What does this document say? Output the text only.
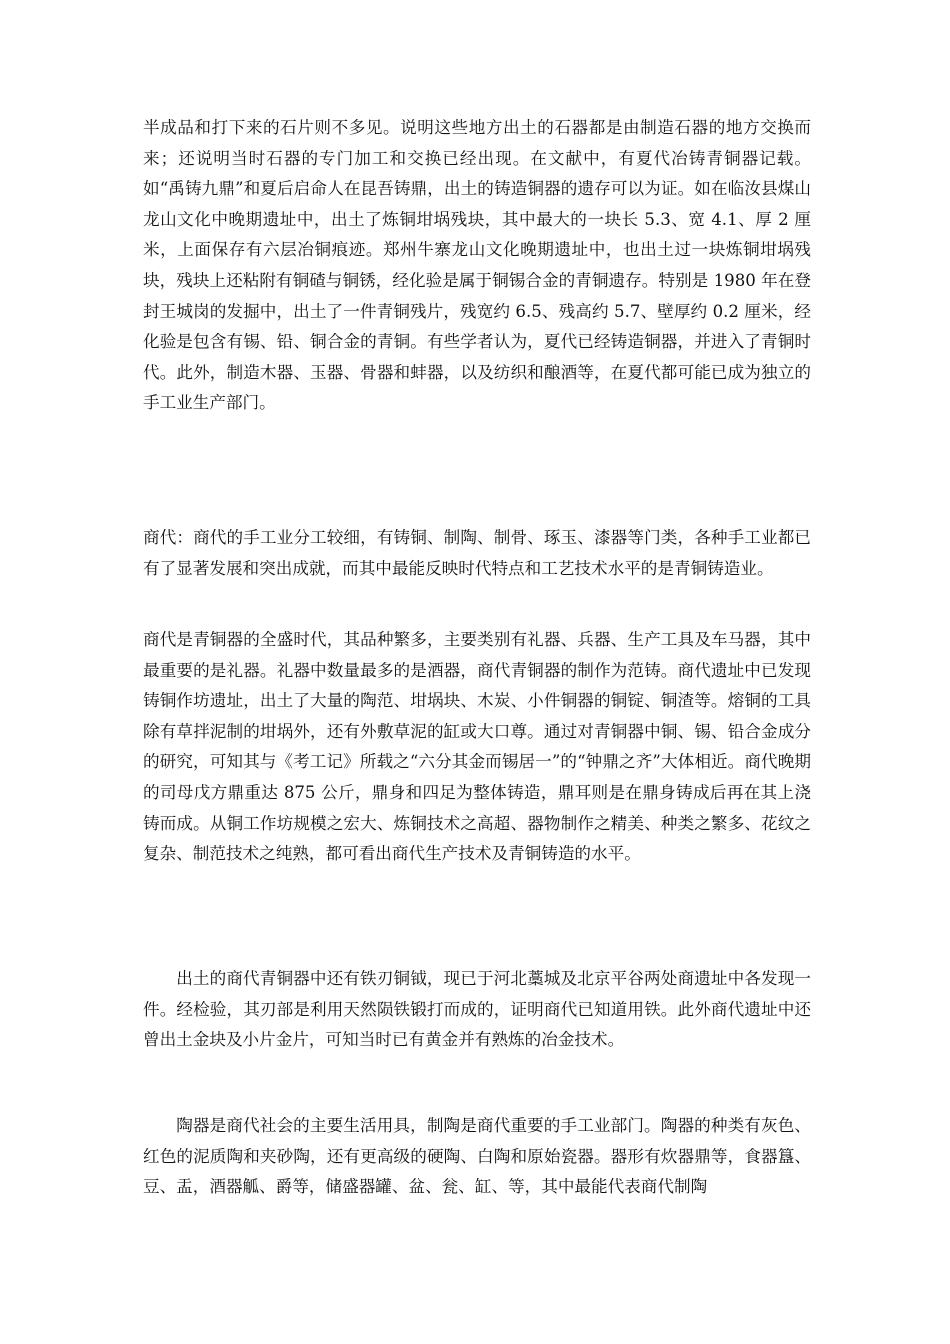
半成品和打下来的石片则不多见。说明这些地方出土的石器都是由制造石器的地方交换而来；还说明当时石器的专门加工和交换已经出现。在文献中，有夏代冶铸青铜器记载。如“禹铸九鼎”和夏后启命人在昆吾铸鼎，出土的铸造铜器的遗存可以为证。如在临汝县煤山龙山文化中晚期遗址中，出土了炼铜坩埚残块，其中最大的一块长 5.3、宽 4.1、厚 2 厘米，上面保存有六层冶铜痕迹。郑州牛寨龙山文化晚期遗址中，也出土过一块炼铜坩埚残块，残块上还粘附有铜碴与铜锈，经化验是属于铜锡合金的青铜遗存。特别是 1980 年在登封王城岗的发掘中，出土了一件青铜残片，残宽约 6.5、残高约 5.7、壁厚约 0.2 厘米，经化验是包含有锡、铅、铜合金的青铜。有些学者认为，夏代已经铸造铜器，并进入了青铜时代。此外，制造木器、玉器、骨器和蚌器，以及纺织和酿酒等，在夏代都可能已成为独立的手工业生产部门。

商代：商代的手工业分工较细，有铸铜、制陶、制骨、琢玉、漆器等门类，各种手工业都已有了显著发展和突出成就，而其中最能反映时代特点和工艺技术水平的是青铜铸造业。

商代是青铜器的全盛时代，其品种繁多，主要类别有礼器、兵器、生产工具及车马器，其中最重要的是礼器。礼器中数量最多的是酒器，商代青铜器的制作为范铸。商代遗址中已发现铸铜作坊遗址，出土了大量的陶范、坩埚块、木炭、小件铜器的铜锭、铜渣等。熔铜的工具除有草拌泥制的坩埚外，还有外敷草泥的缸或大口尊。通过对青铜器中铜、锡、铅合金成分的研究，可知其与《考工记》所载之“六分其金而锡居一”的“钟鼎之齐”大体相近。商代晚期的司母戊方鼎重达 875 公斤，鼎身和四足为整体铸造，鼎耳则是在鼎身铸成后再在其上浇铸而成。从铜工作坊规模之宏大、炼铜技术之高超、器物制作之精美、种类之繁多、花纹之复杂、制范技术之纯熟，都可看出商代生产技术及青铜铸造的水平。

出土的商代青铜器中还有铁刃铜钺，现已于河北藁城及北京平谷两处商遗址中各发现一件。经检验，其刃部是利用天然陨铁锻打而成的，证明商代已知道用铁。此外商代遗址中还曾出土金块及小片金片，可知当时已有黄金并有熟炼的冶金技术。

陶器是商代社会的主要生活用具，制陶是商代重要的手工业部门。陶器的种类有灰色、红色的泥质陶和夹砂陶，还有更高级的硬陶、白陶和原始瓷器。器形有炊器鼎等，食器簋、豆、盂，酒器觚、爵等，储盛器罐、盆、瓮、缸、等，其中最能代表商代制陶
